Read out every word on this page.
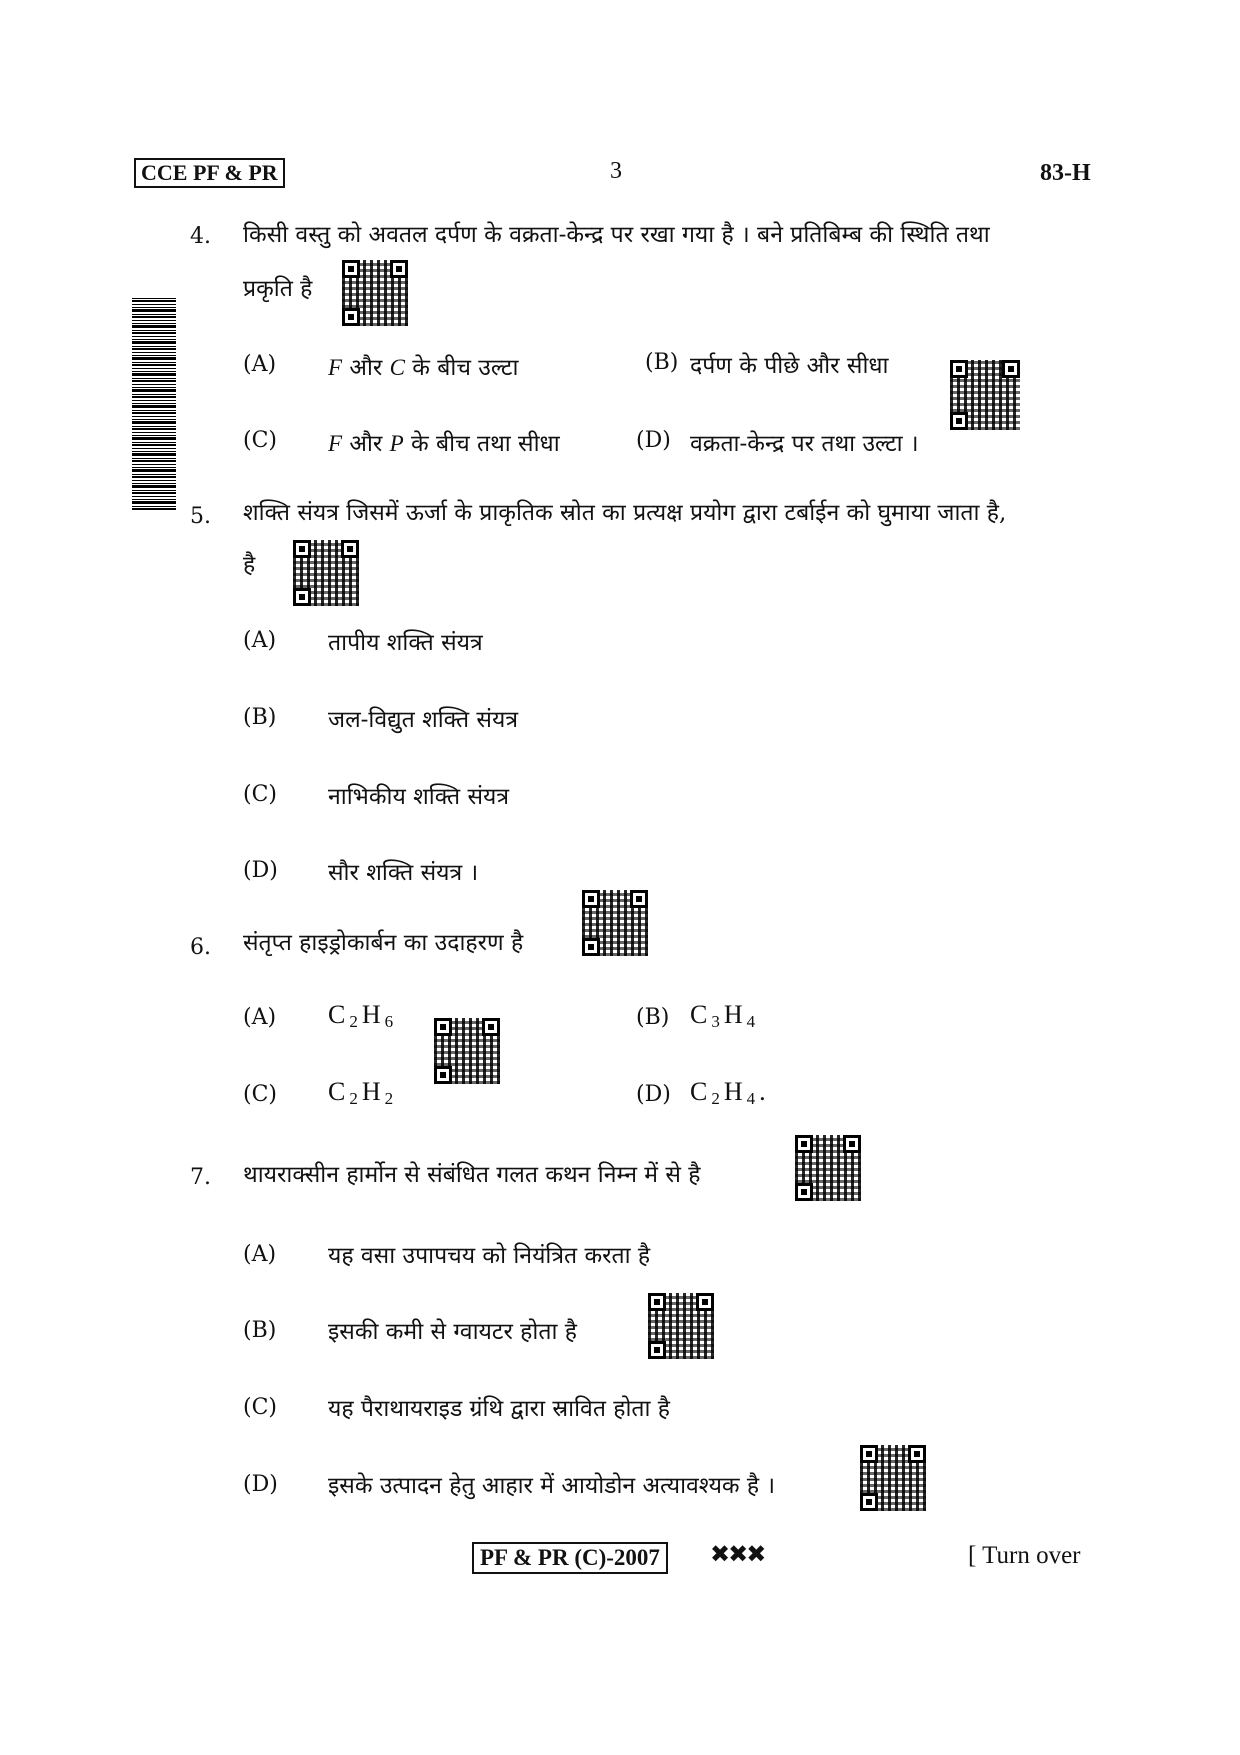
CCE PF & PR	3	83-H
4. किसी वस्तु को अवतल दर्पण के वक्रता-केन्द्र पर रखा गया है । बने प्रतिबिम्ब की स्थिति तथा
प्रकृति है
(A) F और C के बीच उल्टा	(B) दर्पण के पीछे और सीधा
(C) F और P के बीच तथा सीधा	(D) वक्रता-केन्द्र पर तथा उल्टा ।
5. शक्ति संयत्र जिसमें ऊर्जा के प्राकृतिक स्रोत का प्रत्यक्ष प्रयोग द्वारा टर्बाईन को घुमाया जाता है,
है
(A) तापीय शक्ति संयत्र
(B) जल-विद्युत शक्ति संयत्र
(C) नाभिकीय शक्ति संयत्र
(D) सौर शक्ति संयत्र ।
6. संतृप्त हाइड्रोकार्बन का उदाहरण है
(A) $C_2H_6$	(B) $C_3H_4$
(C) $C_2H_2$	(D) $C_2H_4$.
7. थायराक्सीन हार्मोन से संबंधित गलत कथन निम्न में से है
(A) यह वसा उपापचय को नियंत्रित करता है
(B) इसकी कमी से ग्वायटर होता है
(C) यह पैराथायराइड ग्रंथि द्वारा स्रावित होता है
(D) इसके उत्पादन हेतु आहार में आयोडोन अत्यावश्यक है ।
PF & PR (C)-2007	✖✖✖	[ Turn over
